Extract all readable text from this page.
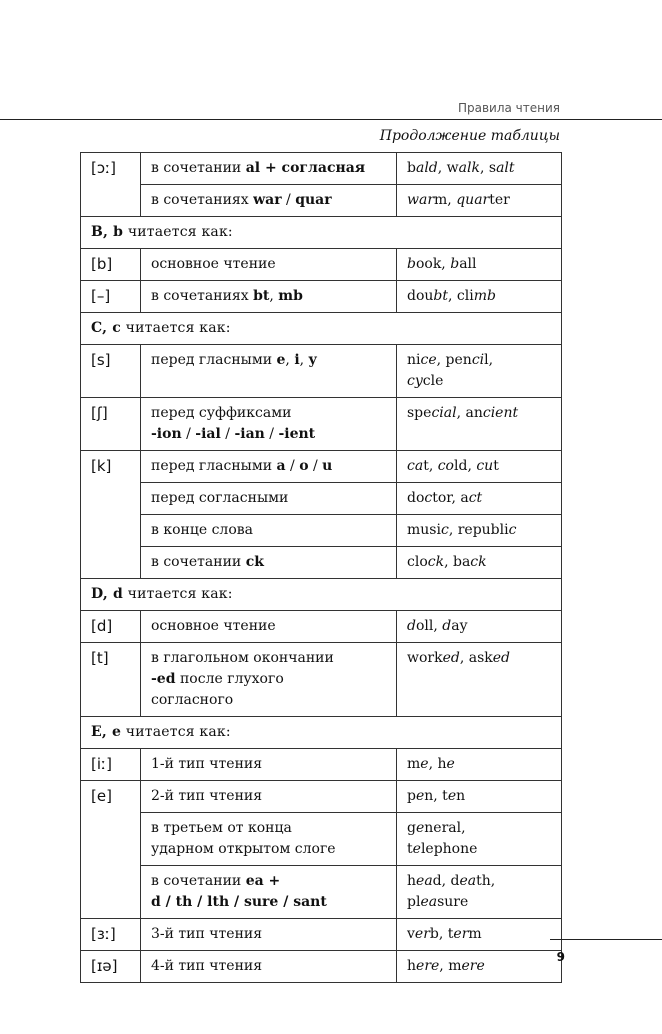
Правила чтения
Продолжение таблицы
[ɔː]	в сочетании al + согласная	bald, walk, salt
	в сочетаниях war / quar	warm, quarter
B, b читается как:		
[b]	основное чтение	book, ball
[–]	в сочетаниях bt, mb	doubt, climb
C, c читается как:		
[s]	перед гласными e, i, y	nice, pencil,
cycle
[ʃ]	перед суффиксами
-ion / -ial / -ian / -ient	special, ancient
[k]	перед гласными a / o / u	cat, cold, cut
	перед согласными	doctor, act
	в конце слова	music, republic
	в сочетании ck	clock, back
D, d читается как:		
[d]	основное чтение	doll, day
[t]	в глагольном окончании
-ed после глухого
согласного	worked, asked
E, e читается как:		
[iː]	1-й тип чтения	me, he
[e]	2-й тип чтения	pen, ten
	в третьем от конца
ударном открытом слоге	general,
telephone
	в сочетании ea +
d / th / lth / sure / sant	head, death,
pleasure
[ɜː]	3-й тип чтения	verb, term
[ɪə]	4-й тип чтения	here, mere
9
